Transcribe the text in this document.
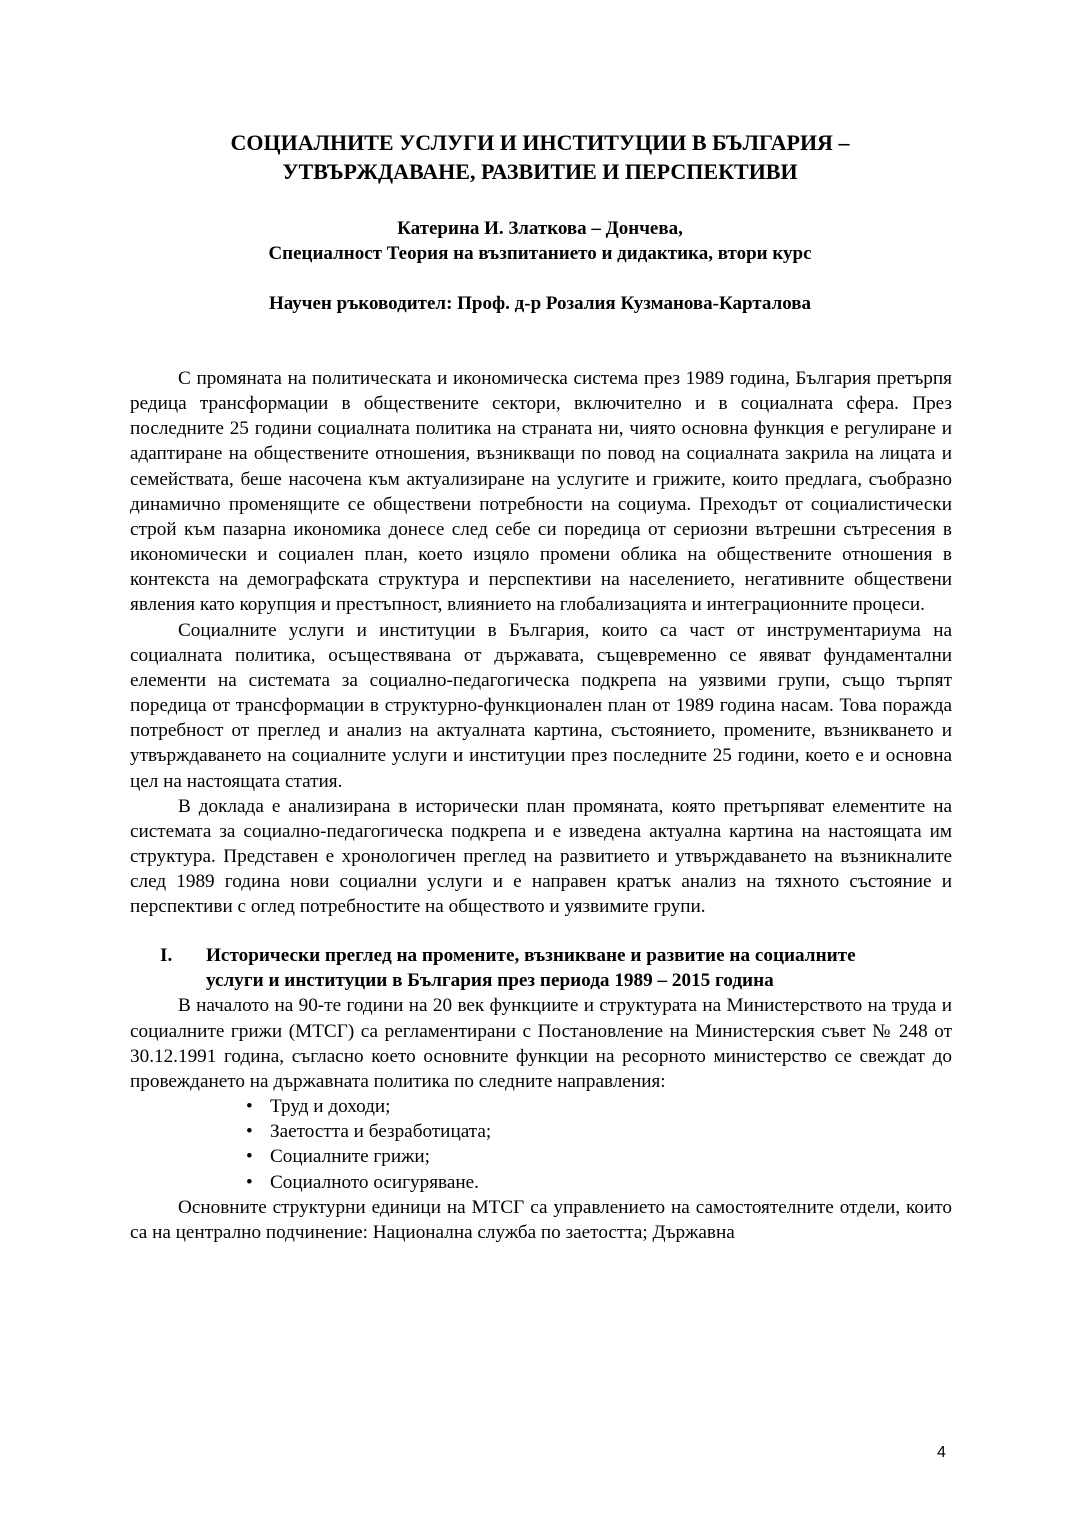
СОЦИАЛНИТЕ УСЛУГИ И ИНСТИТУЦИИ В БЪЛГАРИЯ –
УТВЪРЖДАВАНЕ, РАЗВИТИЕ И ПЕРСПЕКТИВИ
Катерина И. Златкова – Дончева,
Специалност Теория на възпитанието и дидактика, втори курс
Научен ръководител: Проф. д-р Розалия Кузманова-Карталова

С промяната на политическата и икономическа система през 1989 година, България претърпя редица трансформации в обществените сектори, включително и в социалната сфера. През последните 25 години социалната политика на страната ни, чиято основна функция е регулиране и адаптиране на обществените отношения, възникващи по повод на социалната закрила на лицата и семействата, беше насочена към актуализиране на услугите и грижите, които предлага, съобразно динамично променящите се обществени потребности на социума. Преходът от социалистически строй към пазарна икономика донесе след себе си поредица от сериозни вътрешни сътресения в икономически и социален план, което изцяло промени облика на обществените отношения в контекста на демографската структура и перспективи на населението, негативните обществени явления като корупция и престъпност, влиянието на глобализацията и интеграционните процеси.

Социалните услуги и институции в България, които са част от инструментариума на социалната политика, осъществявана от държавата, същевременно се явяват фундаментални елементи на системата за социално-педагогическа подкрепа на уязвими групи, също търпят поредица от трансформации в структурно-функционален план от 1989 година насам. Това поражда потребност от преглед и анализ на актуалната картина, състоянието, промените, възникването и утвърждаването на социалните услуги и институции през последните 25 години, което е и основна цел на настоящата статия.

В доклада е анализирана в исторически план промяната, която претърпяват елементите на системата за социално-педагогическа подкрепа и е изведена актуална картина на настоящата им структура. Представен е хронологичен преглед на развитието и утвърждаването на възникналите след 1989 година нови социални услуги и е направен кратък анализ на тяхното състояние и перспективи с оглед потребностите на обществото и уязвимите групи.

I. Исторически преглед на промените, възникване и развитие на социалните
услуги и институции в България през периода 1989 – 2015 година

В началото на 90-те години на 20 век функциите и структурата на Министерството на труда и социалните грижи (МТСГ) са регламентирани с Постановление на Министерския съвет № 248 от 30.12.1991 година, съгласно което основните функции на ресорното министерство се свеждат до провеждането на държавната политика по следните направления:

• Труд и доходи;
• Заетостта и безработицата;
• Социалните грижи;
• Социалното осигуряване.

Основните структурни единици на МТСГ са управлението на самостоятелните отдели, които са на централно подчинение: Национална служба по заетостта; Държавна

4
